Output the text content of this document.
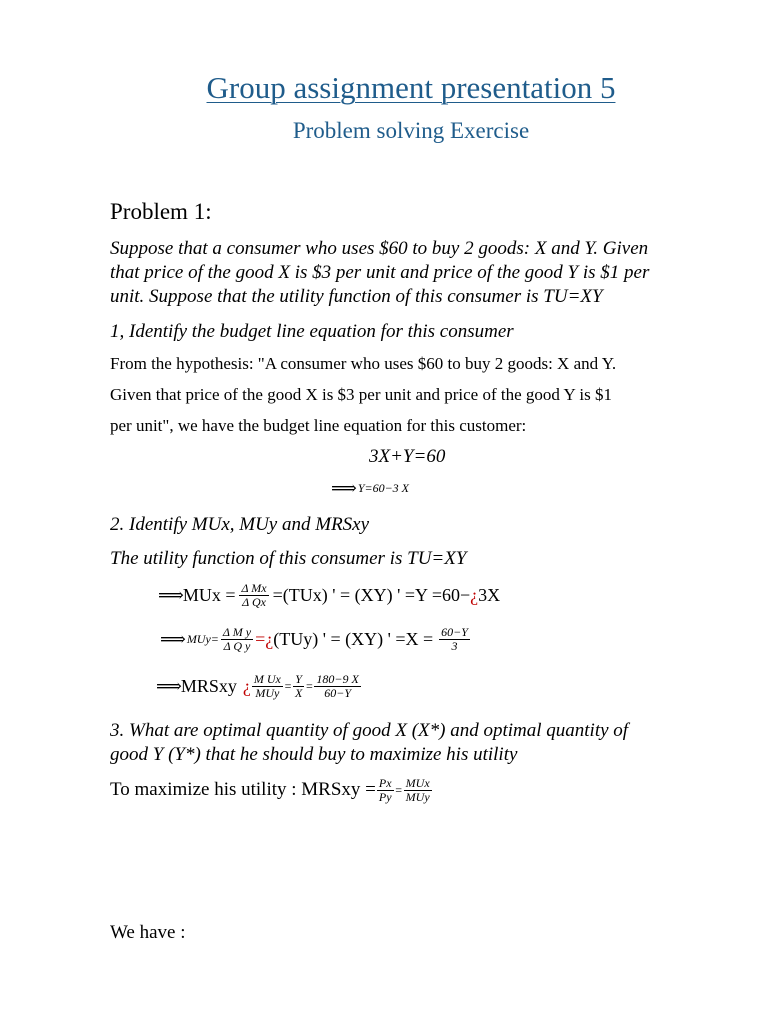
Group assignment presentation 5
Problem solving Exercise
Problem 1:
Suppose that a consumer who uses $60 to buy 2 goods: X and Y. Given
that price of the good X is $3 per unit and price of the good Y is $1 per
unit. Suppose that the utility function of this consumer is TU=XY
1, Identify the budget line equation for this consumer
From the hypothesis: "A consumer who uses $60 to buy 2 goods: X and Y.
Given that price of the good X is $3 per unit and price of the good Y is $1
per unit", we have the budget line equation for this customer:
3X+Y=60
⟹ Y=60−3 X
2. Identify MUx, MUy and MRSxy
The utility function of this consumer is TU=XY
⟹ MUx = $\frac{\text{Δ Mx}}{\text{Δ Qx}} =(TUx)$ ' = (XY) ' =Y =60− ¿ 3X
⟹ $MUy= \frac{\text{Δ M y}}{\text{Δ Q y}}$ = ¿ (TUy) ' = (XY) ' $=X = \frac{60-Y}{3}$
⟹ MRSxy ¿ $\frac{\text{M Ux}}{\text{MUy}} = \frac{Y}{X} = \frac{180-9 X}{60-Y}$
3. What are optimal quantity of good X (X*) and optimal quantity of
good Y (Y*) that he should buy to maximize his utility
To maximize his utility : MRSxy = $\frac{Px}{Py} = \frac{\text{MUx}}{\text{MUy}}$
We have :
